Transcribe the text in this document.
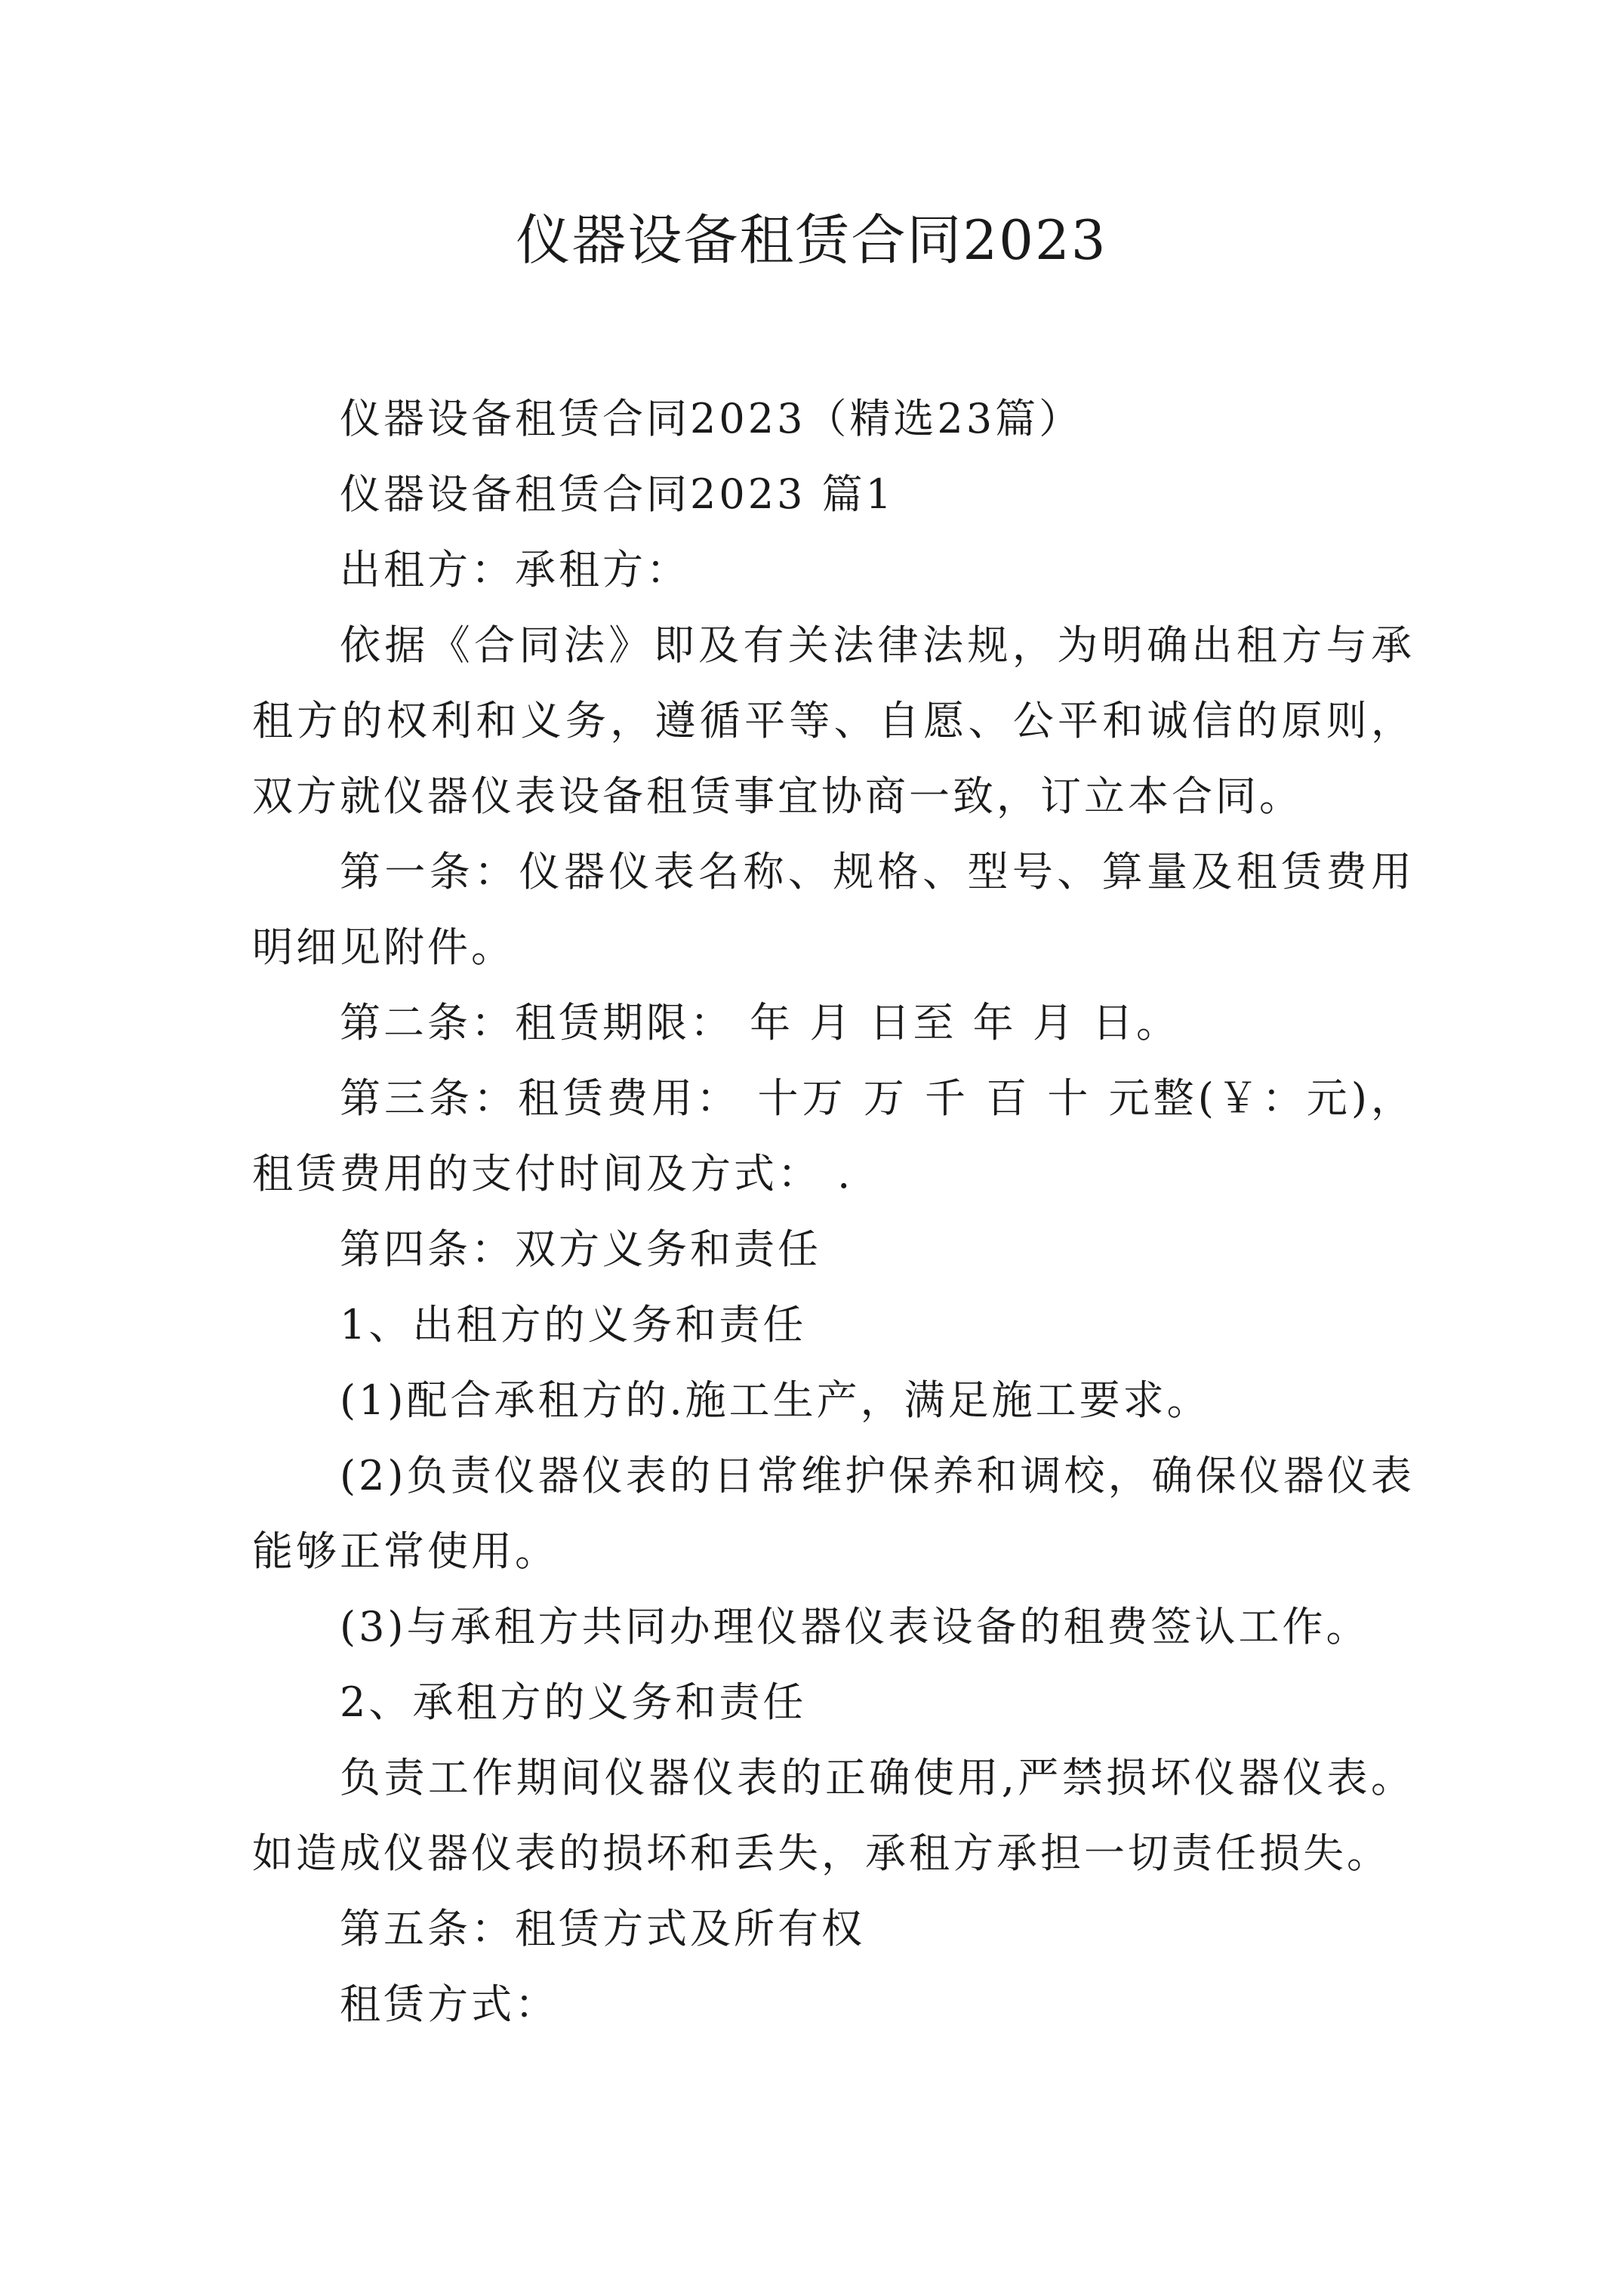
仪器设备租赁合同2023

仪器设备租赁合同2023（精选23篇）

仪器设备租赁合同2023 篇1

出租方：承租方：

依据《合同法》即及有关法律法规，为明确出租方与承租方的权利和义务，遵循平等、自愿、公平和诚信的原则，双方就仪器仪表设备租赁事宜协商一致，订立本合同。

第一条：仪器仪表名称、规格、型号、算量及租赁费用明细见附件。

第二条：租赁期限： 年 月 日至 年 月 日。

第三条：租赁费用： 十万 万 千 百 十 元整(￥：元)，租赁费用的支付时间及方式： .

第四条：双方义务和责任

1、出租方的义务和责任

(1)配合承租方的.施工生产，满足施工要求。

(2)负责仪器仪表的日常维护保养和调校，确保仪器仪表能够正常使用。

(3)与承租方共同办理仪器仪表设备的租费签认工作。

2、承租方的义务和责任

负责工作期间仪器仪表的正确使用,严禁损坏仪器仪表。如造成仪器仪表的损坏和丢失，承租方承担一切责任损失。

第五条：租赁方式及所有权

租赁方式：
